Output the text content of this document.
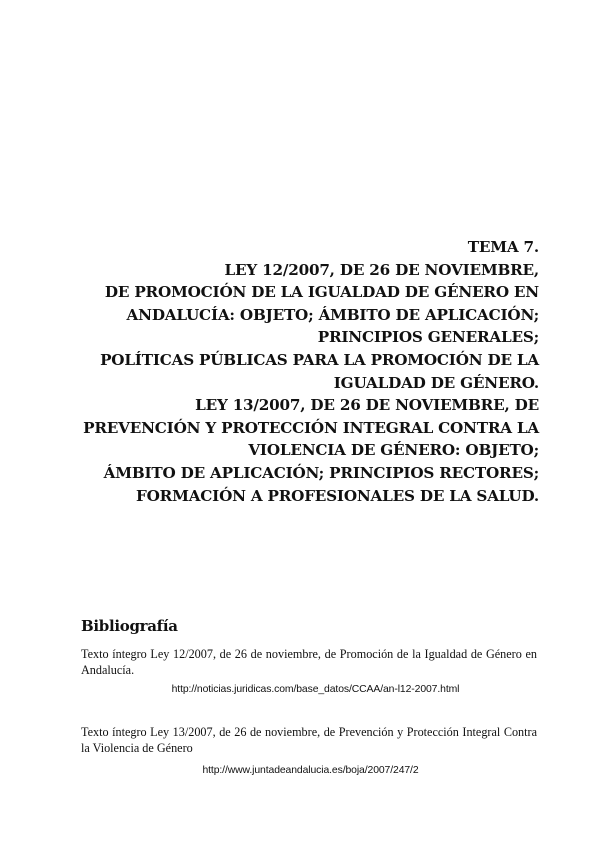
TEMA 7.
LEY 12/2007, DE 26 DE NOVIEMBRE,
DE PROMOCIÓN DE LA IGUALDAD DE GÉNERO EN
ANDALUCÍA: OBJETO; ÁMBITO DE APLICACIÓN;
PRINCIPIOS GENERALES;
POLÍTICAS PÚBLICAS PARA LA PROMOCIÓN DE LA
IGUALDAD DE GÉNERO.
LEY 13/2007, DE 26 DE NOVIEMBRE, DE
PREVENCIÓN Y PROTECCIÓN INTEGRAL CONTRA LA
VIOLENCIA DE GÉNERO: OBJETO;
ÁMBITO DE APLICACIÓN; PRINCIPIOS RECTORES;
FORMACIÓN A PROFESIONALES DE LA SALUD.
Bibliografía
Texto íntegro Ley 12/2007, de 26 de noviembre, de Promoción de la Igualdad de Género en Andalucía.
http://noticias.juridicas.com/base_datos/CCAA/an-l12-2007.html
Texto íntegro Ley 13/2007, de 26 de noviembre, de Prevención y Protección Integral Contra la Violencia de Género
http://www.juntadeandalucia.es/boja/2007/247/2
